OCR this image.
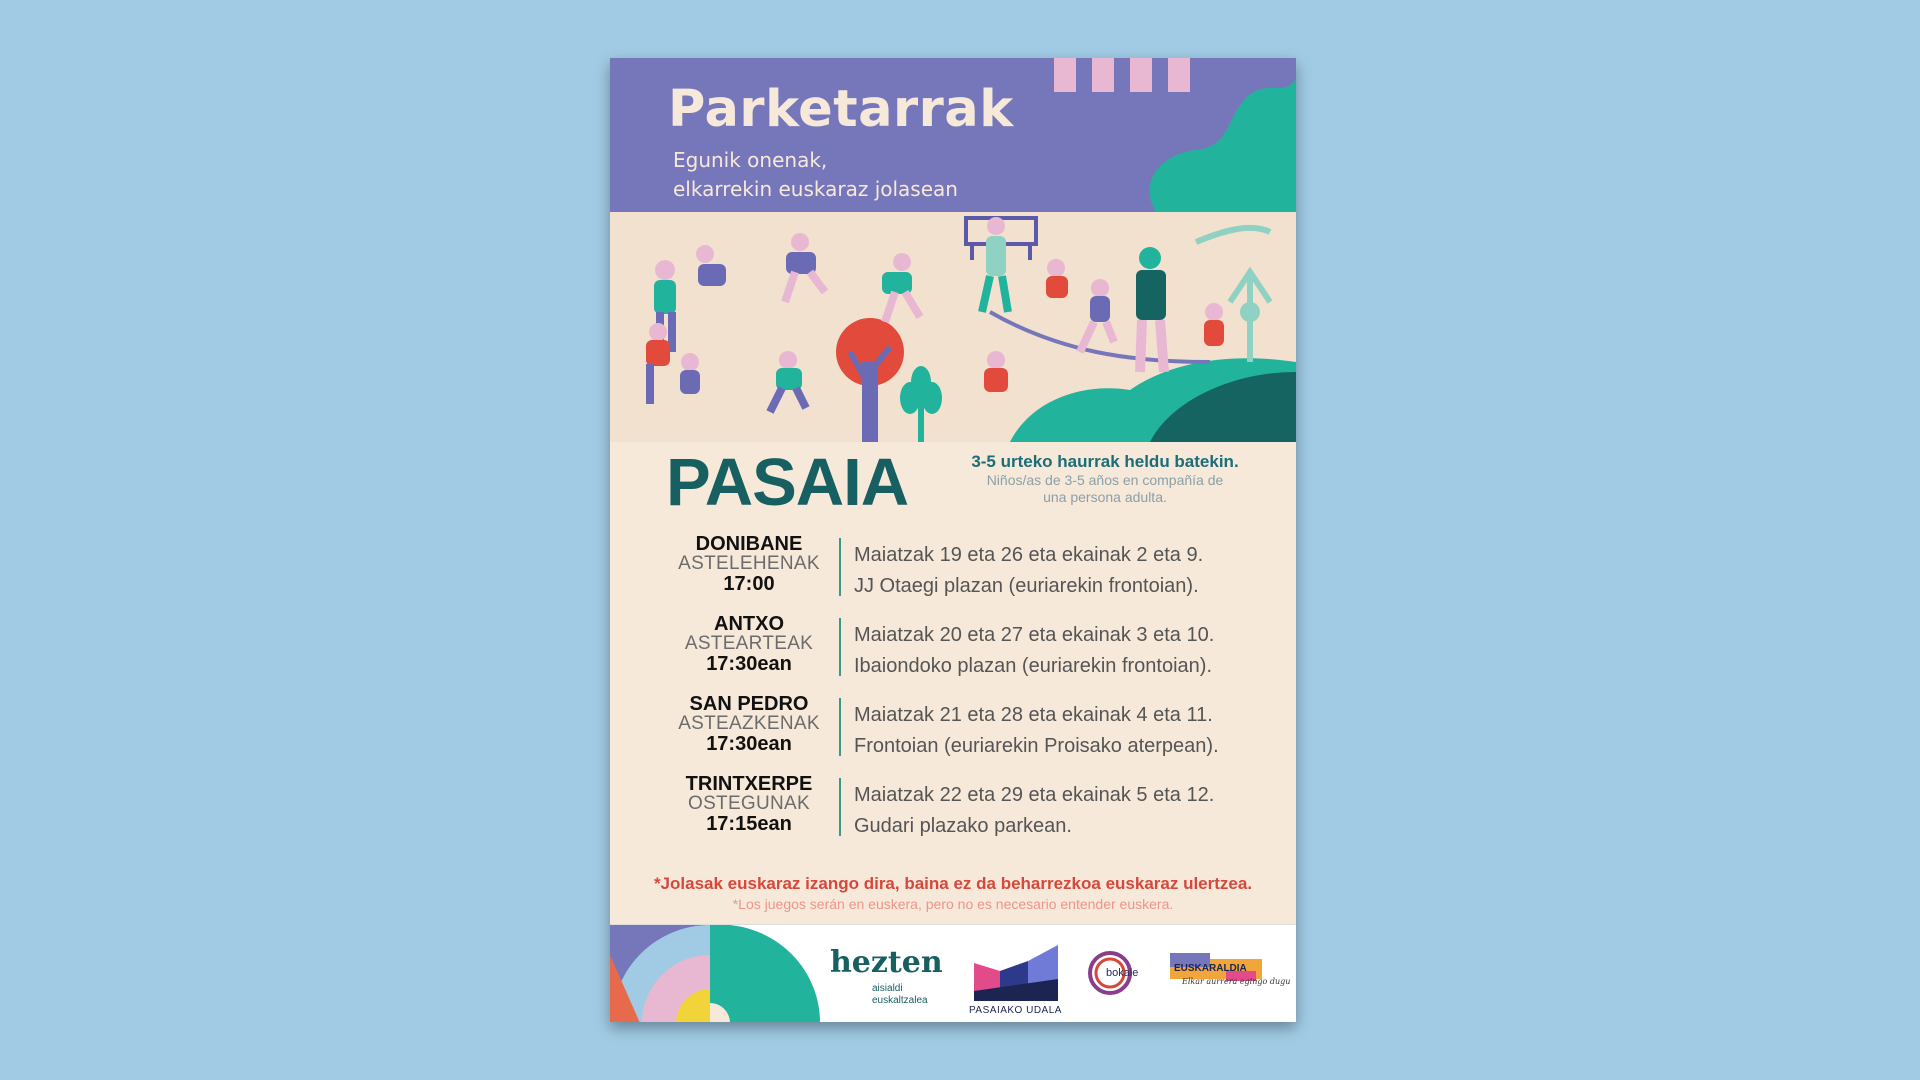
Parketarrak

Egunik onenak,
elkarrekin euskaraz jolasean

PASAIA	3-5 urteko haurrak heldu batekin.
Niños/as de 3-5 años en compañía de
una persona adulta.
DONIBANE
ASTELEHENAK
17:00
Maiatzak 19 eta 26 eta ekainak 2 eta 9.
JJ Otaegi plazan (euriarekin frontoian).
ANTXO
ASTEARTEAK
17:30ean
Maiatzak 20 eta 27 eta ekainak 3 eta 10.
Ibaiondoko plazan (euriarekin frontoian).
SAN PEDRO
ASTEAZKENAK
17:30ean
Maiatzak 21 eta 28 eta ekainak 4 eta 11.
Frontoian (euriarekin Proisako aterpean).
TRINTXERPE
OSTEGUNAK
17:15ean
Maiatzak 22 eta 29 eta ekainak 5 eta 12.
Gudari plazako parkean.
*Jolasak euskaraz izango dira, baina ez da beharrezkoa euskaraz ulertzea.
*Los juegos serán en euskera, pero no es necesario entender euskera.

hezten

aisialdi
euskaltzalea
PASAIAKO UDALA
bokale	EUSKARALDIA
Elkar aurrera egingo dugu
